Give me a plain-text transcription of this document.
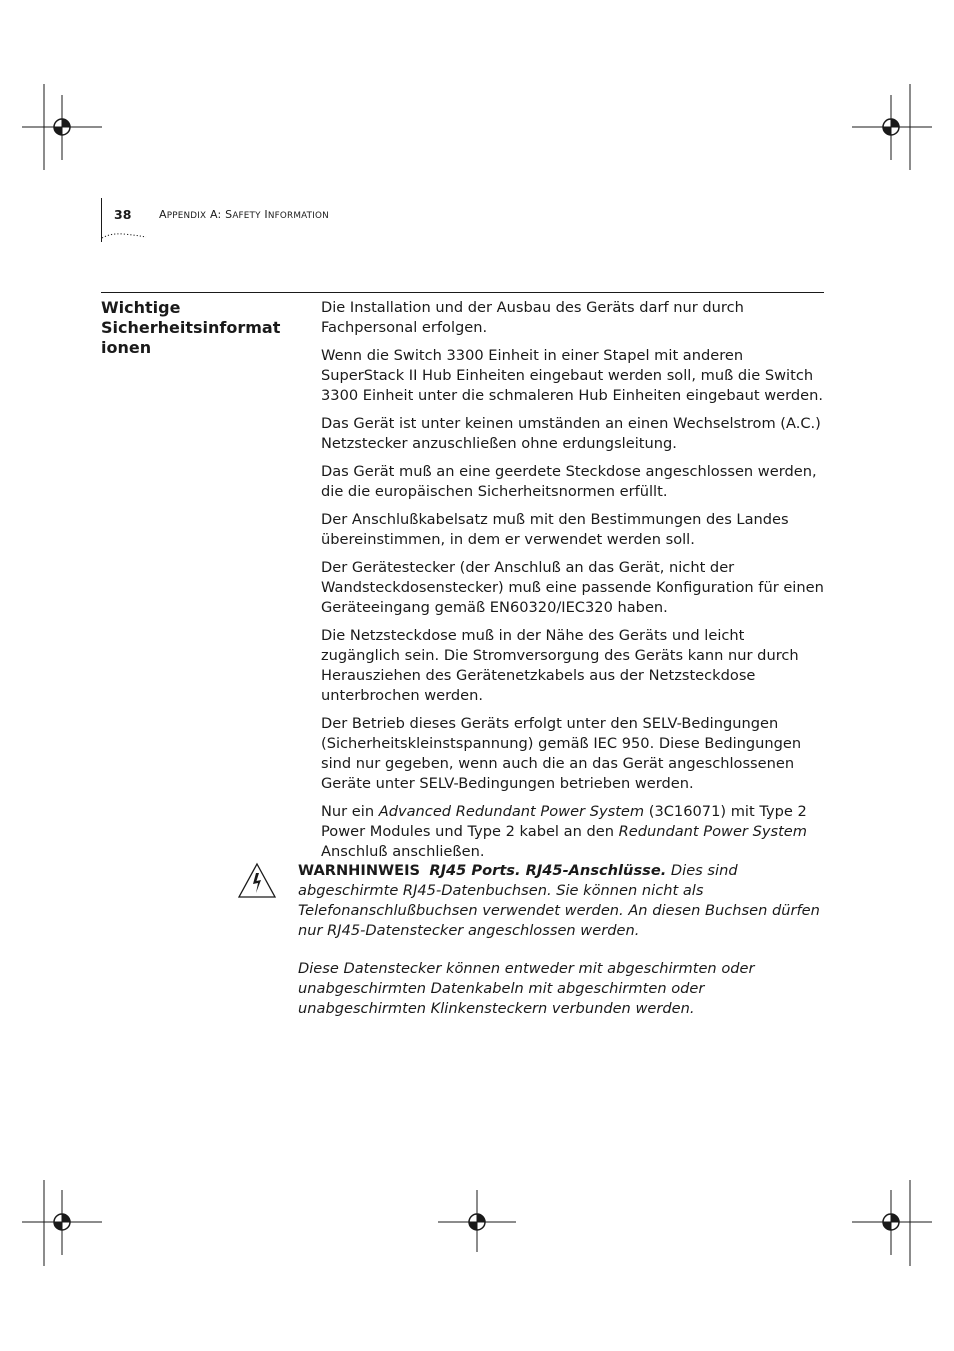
38	APPENDIX A: SAFETY INFORMATION
Wichtige Sicherheitsinformat ionen

Die Installation und der Ausbau des Geräts darf nur durch Fachpersonal erfolgen.

Wenn die Switch 3300 Einheit in einer Stapel mit anderen SuperStack II Hub Einheiten eingebaut werden soll, muß die Switch 3300 Einheit unter die schmaleren Hub Einheiten eingebaut werden.

Das Gerät ist unter keinen umständen an einen Wechselstrom (A.C.) Netzstecker anzuschließen ohne erdungsleitung.

Das Gerät muß an eine geerdete Steckdose angeschlossen werden, die die europäischen Sicherheitsnormen erfüllt.

Der Anschlußkabelsatz muß mit den Bestimmungen des Landes übereinstimmen, in dem er verwendet werden soll.

Der Gerätestecker (der Anschluß an das Gerät, nicht der Wandsteckdosenstecker) muß eine passende Konfiguration für einen Geräteeingang gemäß EN60320/IEC320 haben.

Die Netzsteckdose muß in der Nähe des Geräts und leicht zugänglich sein. Die Stromversorgung des Geräts kann nur durch Herausziehen des Gerätenetzkabels aus der Netzsteckdose unterbrochen werden.

Der Betrieb dieses Geräts erfolgt unter den SELV-Bedingungen (Sicherheitskleinstspannung) gemäß IEC 950. Diese Bedingungen sind nur gegeben, wenn auch die an das Gerät angeschlossenen Geräte unter SELV-Bedingungen betrieben werden.

Nur ein Advanced Redundant Power System (3C16071) mit Type 2 Power Modules und Type 2 kabel an den Redundant Power System Anschluß anschließen.

WARNHINWEIS RJ45 Ports. RJ45-Anschlüsse. Dies sind abgeschirmte RJ45-Datenbuchsen. Sie können nicht als Telefonanschlußbuchsen verwendet werden. An diesen Buchsen dürfen nur RJ45-Datenstecker angeschlossen werden.

Diese Datenstecker können entweder mit abgeschirmten oder unabgeschirmten Datenkabeln mit abgeschirmten oder unabgeschirmten Klinkensteckern verbunden werden.
